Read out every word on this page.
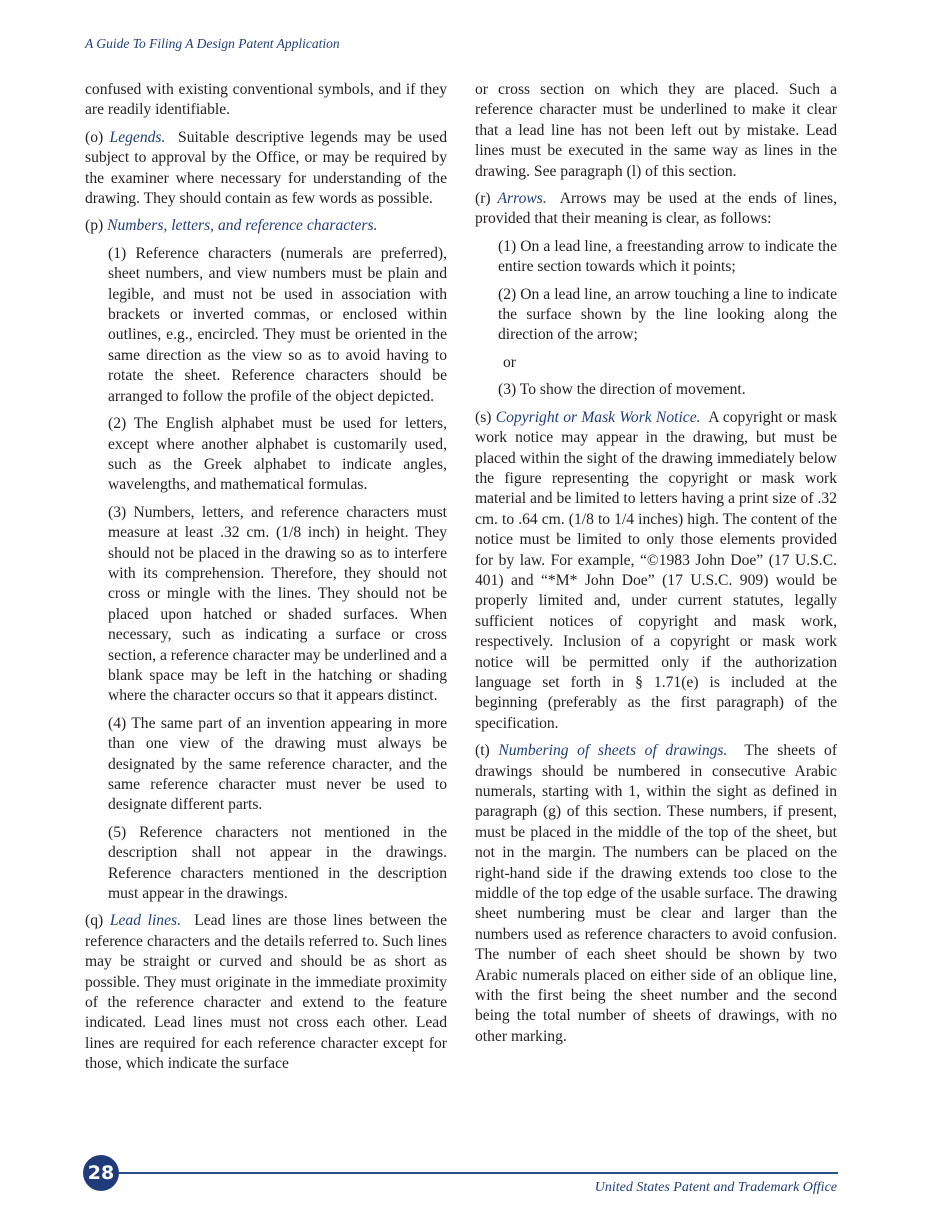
A Guide To Filing A Design Patent Application

confused with existing conventional symbols, and if they are readily identifiable.

(o) Legends. Suitable descriptive legends may be used subject to approval by the Office, or may be required by the examiner where necessary for understanding of the drawing. They should contain as few words as possible.

(p) Numbers, letters, and reference characters.

(1) Reference characters (numerals are preferred), sheet numbers, and view numbers must be plain and legible, and must not be used in association with brackets or inverted commas, or enclosed within outlines, e.g., encircled. They must be oriented in the same direction as the view so as to avoid having to rotate the sheet. Reference characters should be arranged to follow the profile of the object depicted.

(2) The English alphabet must be used for letters, except where another alphabet is customarily used, such as the Greek alphabet to indicate angles, wavelengths, and mathematical formulas.

(3) Numbers, letters, and reference characters must measure at least .32 cm. (1/8 inch) in height. They should not be placed in the drawing so as to interfere with its comprehension. Therefore, they should not cross or mingle with the lines. They should not be placed upon hatched or shaded surfaces. When necessary, such as indicating a surface or cross section, a reference character may be underlined and a blank space may be left in the hatching or shading where the character occurs so that it appears distinct.

(4) The same part of an invention appearing in more than one view of the drawing must always be designated by the same reference character, and the same reference character must never be used to designate different parts.

(5) Reference characters not mentioned in the description shall not appear in the drawings. Reference characters mentioned in the description must appear in the drawings.

(q) Lead lines. Lead lines are those lines between the reference characters and the details referred to. Such lines may be straight or curved and should be as short as possible. They must originate in the immediate proximity of the reference character and extend to the feature indicated. Lead lines must not cross each other. Lead lines are required for each reference character except for those, which indicate the surface

or cross section on which they are placed. Such a reference character must be underlined to make it clear that a lead line has not been left out by mistake. Lead lines must be executed in the same way as lines in the drawing. See paragraph (l) of this section.

(r) Arrows. Arrows may be used at the ends of lines, provided that their meaning is clear, as follows:

(1) On a lead line, a freestanding arrow to indicate the entire section towards which it points;

(2) On a lead line, an arrow touching a line to indicate the surface shown by the line looking along the direction of the arrow;

or

(3) To show the direction of movement.

(s) Copyright or Mask Work Notice. A copyright or mask work notice may appear in the drawing, but must be placed within the sight of the drawing immediately below the figure representing the copyright or mask work material and be limited to letters having a print size of .32 cm. to .64 cm. (1/8 to 1/4 inches) high. The content of the notice must be limited to only those elements provided for by law. For example, “©1983 John Doe” (17 U.S.C. 401) and “*M* John Doe” (17 U.S.C. 909) would be properly limited and, under current statutes, legally sufficient notices of copyright and mask work, respectively. Inclusion of a copyright or mask work notice will be permitted only if the authorization language set forth in § 1.71(e) is included at the beginning (preferably as the first paragraph) of the specification.

(t) Numbering of sheets of drawings. The sheets of drawings should be numbered in consecutive Arabic numerals, starting with 1, within the sight as defined in paragraph (g) of this section. These numbers, if present, must be placed in the middle of the top of the sheet, but not in the margin. The numbers can be placed on the right-hand side if the drawing extends too close to the middle of the top edge of the usable surface. The drawing sheet numbering must be clear and larger than the numbers used as reference characters to avoid confusion. The number of each sheet should be shown by two Arabic numerals placed on either side of an oblique line, with the first being the sheet number and the second being the total number of sheets of drawings, with no other marking.

28
United States Patent and Trademark Office
